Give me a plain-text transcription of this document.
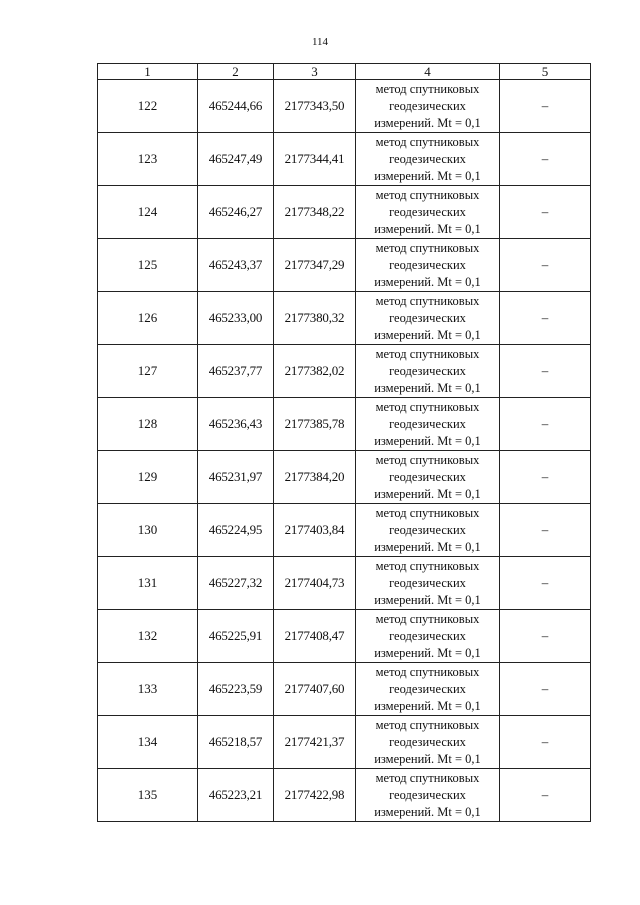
114
1	2	3	4	5
122	465244,66	2177343,50	метод спутниковых
геодезических
измерений. Mt = 0,1	–
123	465247,49	2177344,41	метод спутниковых
геодезических
измерений. Mt = 0,1	–
124	465246,27	2177348,22	метод спутниковых
геодезических
измерений. Mt = 0,1	–
125	465243,37	2177347,29	метод спутниковых
геодезических
измерений. Mt = 0,1	–
126	465233,00	2177380,32	метод спутниковых
геодезических
измерений. Mt = 0,1	–
127	465237,77	2177382,02	метод спутниковых
геодезических
измерений. Mt = 0,1	–
128	465236,43	2177385,78	метод спутниковых
геодезических
измерений. Mt = 0,1	–
129	465231,97	2177384,20	метод спутниковых
геодезических
измерений. Mt = 0,1	–
130	465224,95	2177403,84	метод спутниковых
геодезических
измерений. Mt = 0,1	–
131	465227,32	2177404,73	метод спутниковых
геодезических
измерений. Mt = 0,1	–
132	465225,91	2177408,47	метод спутниковых
геодезических
измерений. Mt = 0,1	–
133	465223,59	2177407,60	метод спутниковых
геодезических
измерений. Mt = 0,1	–
134	465218,57	2177421,37	метод спутниковых
геодезических
измерений. Mt = 0,1	–
135	465223,21	2177422,98	метод спутниковых
геодезических
измерений. Mt = 0,1	–
